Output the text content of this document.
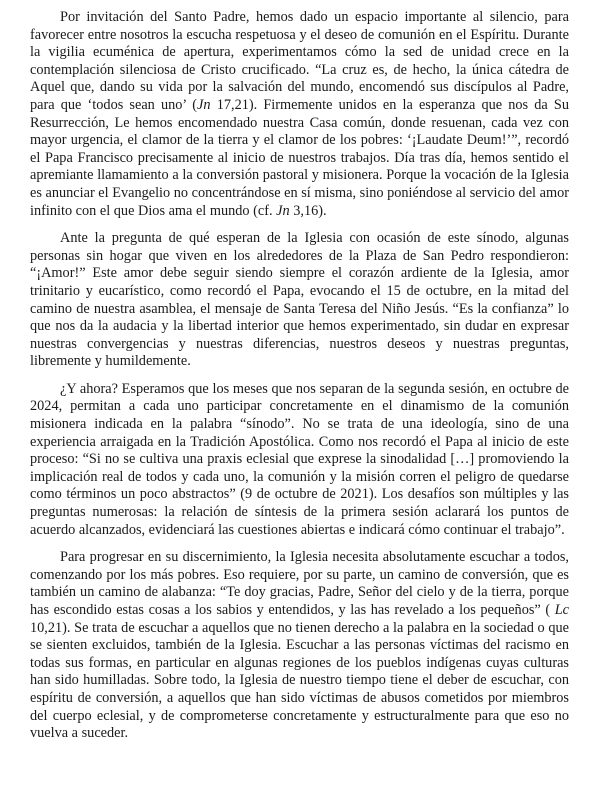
Por invitación del Santo Padre, hemos dado un espacio importante al silencio, para favorecer entre nosotros la escucha respetuosa y el deseo de comunión en el Espíritu. Durante la vigilia ecuménica de apertura, experimentamos cómo la sed de unidad crece en la contemplación silenciosa de Cristo crucificado. “La cruz es, de hecho, la única cátedra de Aquel que, dando su vida por la salvación del mundo, encomendó sus discípulos al Padre, para que ‘todos sean uno’ (Jn 17,21). Firmemente unidos en la esperanza que nos da Su Resurrección, Le hemos encomendado nuestra Casa común, donde resuenan, cada vez con mayor urgencia, el clamor de la tierra y el clamor de los pobres: ‘¡Laudate Deum!’”, recordó el Papa Francisco precisamente al inicio de nuestros trabajos. Día tras día, hemos sentido el apremiante llamamiento a la conversión pastoral y misionera. Porque la vocación de la Iglesia es anunciar el Evangelio no concentrándose en sí misma, sino poniéndose al servicio del amor infinito con el que Dios ama el mundo (cf. Jn 3,16).

Ante la pregunta de qué esperan de la Iglesia con ocasión de este sínodo, algunas personas sin hogar que viven en los alrededores de la Plaza de San Pedro respondieron: “¡Amor!” Este amor debe seguir siendo siempre el corazón ardiente de la Iglesia, amor trinitario y eucarístico, como recordó el Papa, evocando el 15 de octubre, en la mitad del camino de nuestra asamblea, el mensaje de Santa Teresa del Niño Jesús. “Es la confianza” lo que nos da la audacia y la libertad interior que hemos experimentado, sin dudar en expresar nuestras convergencias y nuestras diferencias, nuestros deseos y nuestras preguntas, libremente y humildemente.

¿Y ahora? Esperamos que los meses que nos separan de la segunda sesión, en octubre de 2024, permitan a cada uno participar concretamente en el dinamismo de la comunión misionera indicada en la palabra “sínodo”. No se trata de una ideología, sino de una experiencia arraigada en la Tradición Apostólica. Como nos recordó el Papa al inicio de este proceso: “Si no se cultiva una praxis eclesial que exprese la sinodalidad […] promoviendo la implicación real de todos y cada uno, la comunión y la misión corren el peligro de quedarse como términos un poco abstractos” (9 de octubre de 2021). Los desafíos son múltiples y las preguntas numerosas: la relación de síntesis de la primera sesión aclarará los puntos de acuerdo alcanzados, evidenciará las cuestiones abiertas e indicará cómo continuar el trabajo”.

Para progresar en su discernimiento, la Iglesia necesita absolutamente escuchar a todos, comenzando por los más pobres. Eso requiere, por su parte, un camino de conversión, que es también un camino de alabanza: “Te doy gracias, Padre, Señor del cielo y de la tierra, porque has escondido estas cosas a los sabios y entendidos, y las has revelado a los pequeños” ( Lc 10,21). Se trata de escuchar a aquellos que no tienen derecho a la palabra en la sociedad o que se sienten excluidos, también de la Iglesia. Escuchar a las personas víctimas del racismo en todas sus formas, en particular en algunas regiones de los pueblos indígenas cuyas culturas han sido humilladas. Sobre todo, la Iglesia de nuestro tiempo tiene el deber de escuchar, con espíritu de conversión, a aquellos que han sido víctimas de abusos cometidos por miembros del cuerpo eclesial, y de comprometerse concretamente y estructuralmente para que eso no vuelva a suceder.
